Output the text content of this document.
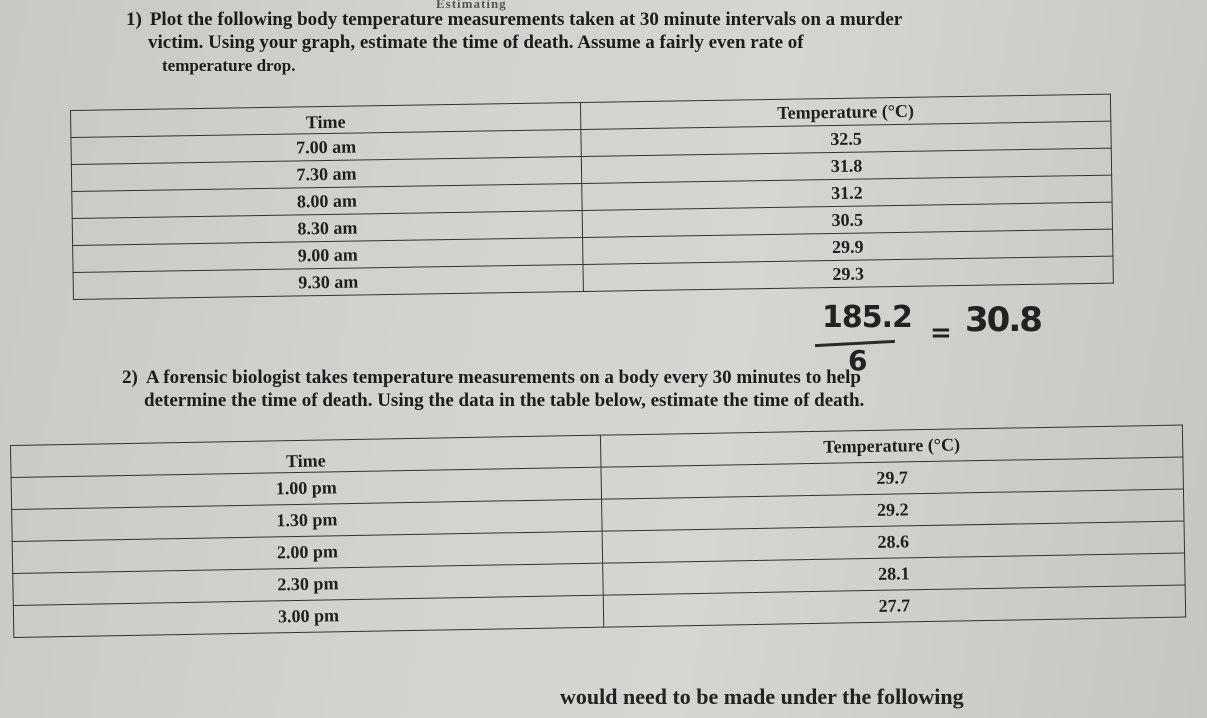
Estimating
1) Plot the following body temperature measurements taken at 30 minute intervals on a murder
victim. Using your graph, estimate the time of death. Assume a fairly even rate of
temperature drop.
Time	Temperature (°C)
7.00 am	32.5
7.30 am	31.8
8.00 am	31.2
8.30 am	30.5
9.00 am	29.9
9.30 am	29.3
185.2
6
= 30.8
2) A forensic biologist takes temperature measurements on a body every 30 minutes to help
determine the time of death. Using the data in the table below, estimate the time of death.
Time	Temperature (°C)
1.00 pm	29.7
1.30 pm	29.2
2.00 pm	28.6
2.30 pm	28.1
3.00 pm	27.7
would need to be made under the following
